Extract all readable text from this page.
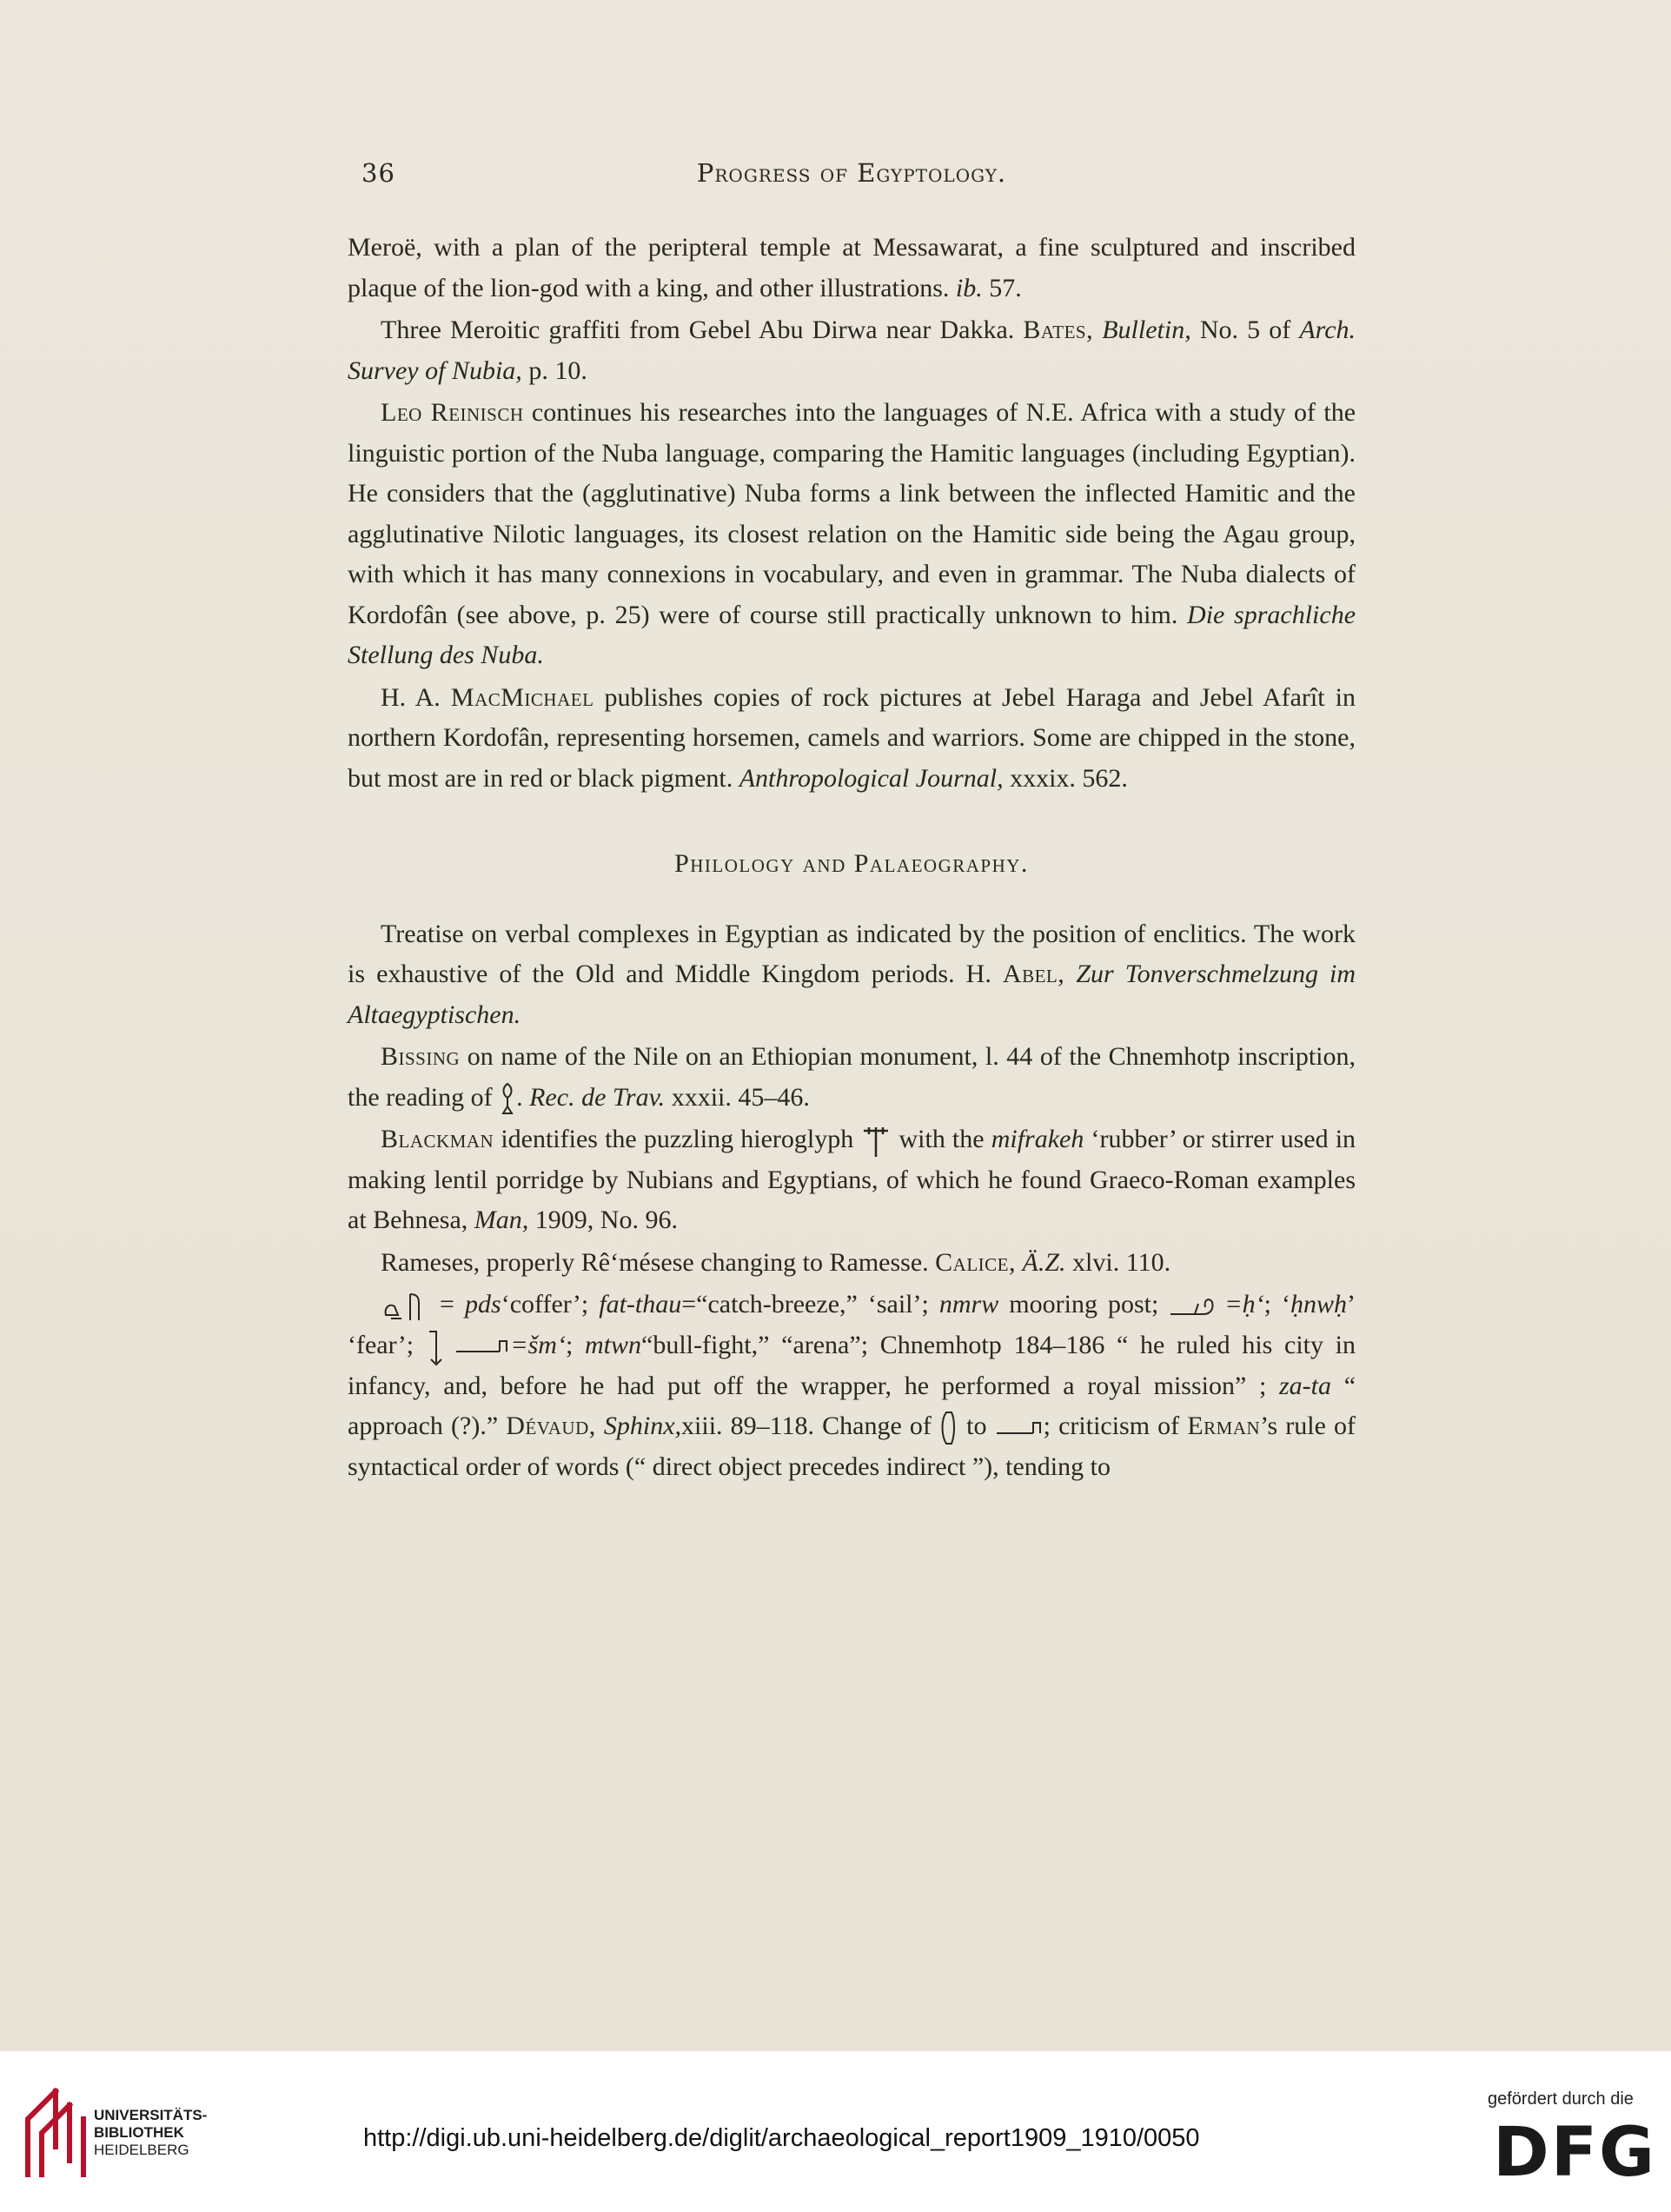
36	Progress of Egyptology.

Meroë, with a plan of the peripteral temple at Messawarat, a fine sculptured and inscribed plaque of the lion-god with a king, and other illustrations. ib. 57.

Three Meroitic graffiti from Gebel Abu Dirwa near Dakka. Bates, Bulletin, No. 5 of Arch. Survey of Nubia, p. 10.

Leo Reinisch continues his researches into the languages of N.E. Africa with a study of the linguistic portion of the Nuba language, comparing the Hamitic languages (including Egyptian). He considers that the (agglutinative) Nuba forms a link between the inflected Hamitic and the agglutinative Nilotic languages, its closest relation on the Hamitic side being the Agau group, with which it has many connexions in vocabulary, and even in grammar. The Nuba dialects of Kordofân (see above, p. 25) were of course still practically unknown to him. Die sprachliche Stellung des Nuba.

H. A. MacMichael publishes copies of rock pictures at Jebel Haraga and Jebel Afarît in northern Kordofân, representing horsemen, camels and warriors. Some are chipped in the stone, but most are in red or black pigment. Anthropological Journal, xxxix. 562.

Philology and Palaeography.

Treatise on verbal complexes in Egyptian as indicated by the position of enclitics. The work is exhaustive of the Old and Middle Kingdom periods. H. Abel, Zur Tonverschmelzung im Altaegyptischen.

Bissing on name of the Nile on an Ethiopian monument, l. 44 of the Chnemhotp inscription, the reading of . Rec. de Trav. xxxii. 45–46.

Blackman identifies the puzzling hieroglyph with the mifrakeh ‘rubber’ or stirrer used in making lentil porridge by Nubians and Egyptians, of which he found Graeco-Roman examples at Behnesa, Man, 1909, No. 96.

Rameses, properly Rê‘mésese changing to Ramesse. Calice, Ä.Z. xlvi. 110.

= pds‘coffer’; fat-thau=“catch-breeze,” ‘sail’; nmrw mooring post;	=ḥ‘; ‘ḥnwḥ’ ‘fear’;	=šm‘; mtwn“bull-fight,” “arena”; Chnemhotp 184–186 “ he ruled his city in infancy, and, before he had put off the wrapper, he performed a royal mission” ; za-ta “ approach (?).” Dévaud, Sphinx,xiii. 89–118. Change of to ; criticism of Erman’s rule of syntactical order of words (“ direct object precedes indirect ”), tending to

UNIVERSITÄTS-
BIBLIOTHEK
HEIDELBERG	http://digi.ub.uni-heidelberg.de/diglit/archaeological_report1909_1910/0050
gefördert durch die
DFG
